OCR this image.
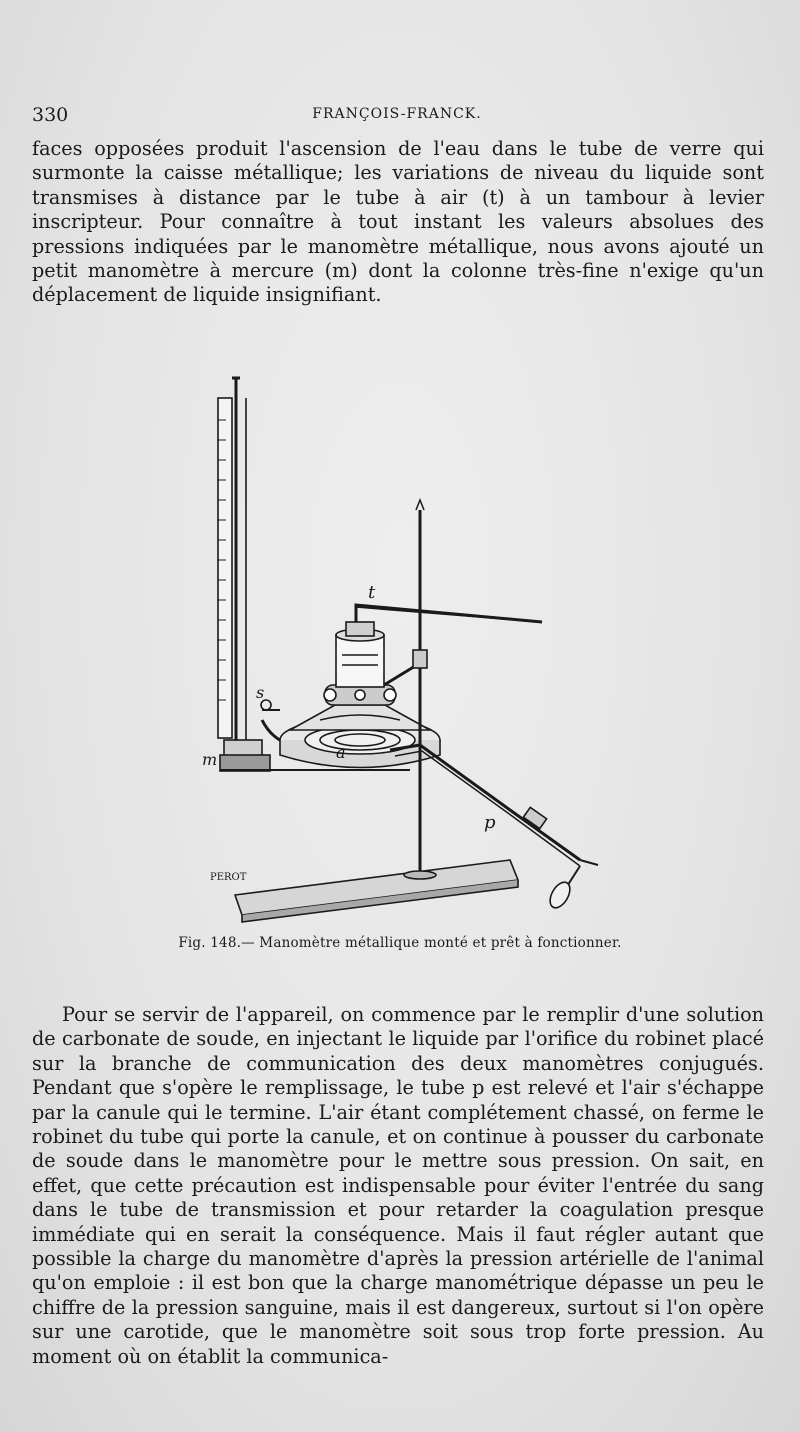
330	FRANÇOIS-FRANCK.

faces opposées produit l'ascension de l'eau dans le tube de verre qui surmonte la caisse métallique; les variations de niveau du liquide sont transmises à distance par le tube à air (t) à un tambour à levier inscripteur. Pour connaître à tout instant les valeurs absolues des pressions indiquées par le manomètre métallique, nous avons ajouté un petit manomètre à mercure (m) dont la colonne très-fine n'exige qu'un déplacement de liquide insignifiant.

t
s
m	a
p
PEROT
Fig. 148.— Manomètre métallique monté et prêt à fonctionner.

Pour se servir de l'appareil, on commence par le remplir d'une solution de carbonate de soude, en injectant le liquide par l'orifice du robinet placé sur la branche de communication des deux manomètres conjugués. Pendant que s'opère le remplissage, le tube p est relevé et l'air s'échappe par la canule qui le termine. L'air étant complétement chassé, on ferme le robinet du tube qui porte la canule, et on continue à pousser du carbonate de soude dans le manomètre pour le mettre sous pression. On sait, en effet, que cette précaution est indispensable pour éviter l'entrée du sang dans le tube de transmission et pour retarder la coagulation presque immédiate qui en serait la conséquence. Mais il faut régler autant que possible la charge du manomètre d'après la pression artérielle de l'animal qu'on emploie : il est bon que la charge manométrique dépasse un peu le chiffre de la pression sanguine, mais il est dangereux, surtout si l'on opère sur une carotide, que le manomètre soit sous trop forte pression. Au moment où on établit la communica-
